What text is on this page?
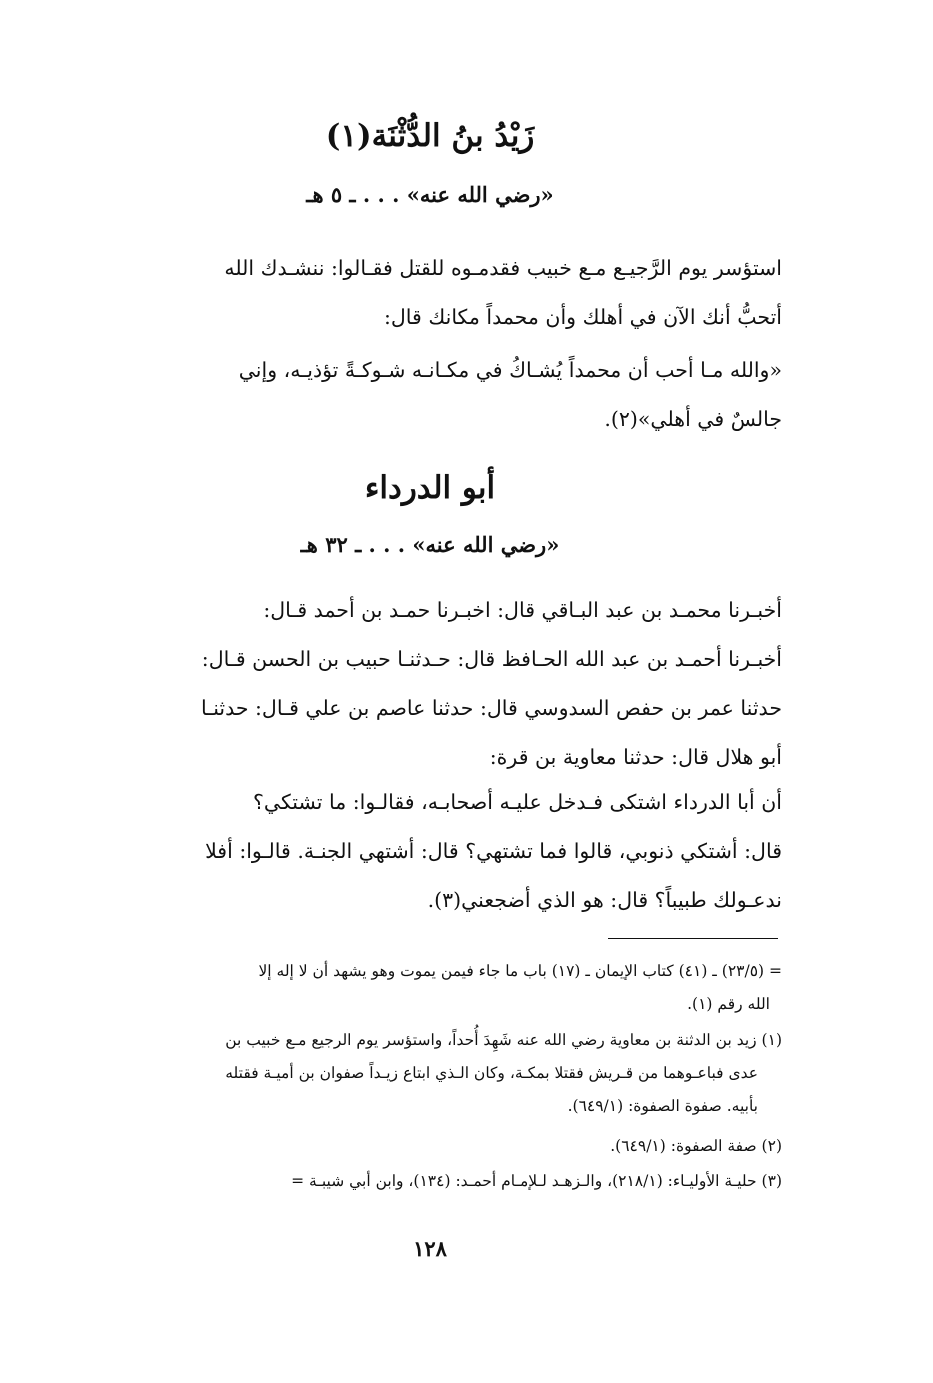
زَيْدُ بنُ الدُّثْنَة(١)
«رضي الله عنه» . . . ـ ٥ هـ

استؤسر يوم الرَّجيـع مـع خبيب فقدمـوه للقتل فقـالوا: ننشـدك الله
أتحبُّ أنك الآن في أهلك وأن محمداً مكانك قال:

«والله مـا أحب أن محمداً يُشـاكُ في مكـانـه شـوكـةً تؤذيـه، وإني
جالسٌ في أهلي»(٢).

أبو الدرداء
«رضي الله عنه» . . . ـ ٣٢ هـ

أخبـرنا محمـد بن عبد البـاقي قال: اخبـرنا حمـد بن أحمد قـال:
أخبـرنا أحمـد بن عبد الله الحـافظ قال: حـدثنـا حبيب بن الحسن قـال:
حدثنا عمر بن حفص السدوسي قال: حدثنا عاصم بن علي قـال: حدثنـا
أبو هلال قال: حدثنا معاوية بن قرة:

أن أبا الدرداء اشتكى فـدخل عليـه أصحابـه، فقالـوا: ما تشتكي؟
قال: أشتكي ذنوبي، قالوا فما تشتهي؟ قال: أشتهي الجنـة. قالـوا: أفلا
ندعـولك طبيباً؟ قال: هو الذي أضجعني(٣).

= (٢٣/٥) ـ (٤١) كتاب الإيمان ـ (١٧) باب ما جاء فيمن يموت وهو يشهد أن لا إله إلا

الله رقم (١).

(١) زيد بن الدثنة بن معاوية رضي الله عنه شَهِدَ أُحداً، واستؤسر يوم الرجيع مـع خبيب بن

عدى فباعـوهما من قـريش فقتلا بمكـة، وكان الـذي ابتاع زيـداً صفوان بن أميـة فقتله

بأبيه. صفوة الصفوة: (٦٤٩/١).

(٢) صفة الصفوة: (٦٤٩/١).

(٣) حليـة الأوليـاء: (٢١٨/١)، والـزهـد لـلإمـام أحمـد: (١٣٤)، وابن أبي شيبـة =

١٢٨
